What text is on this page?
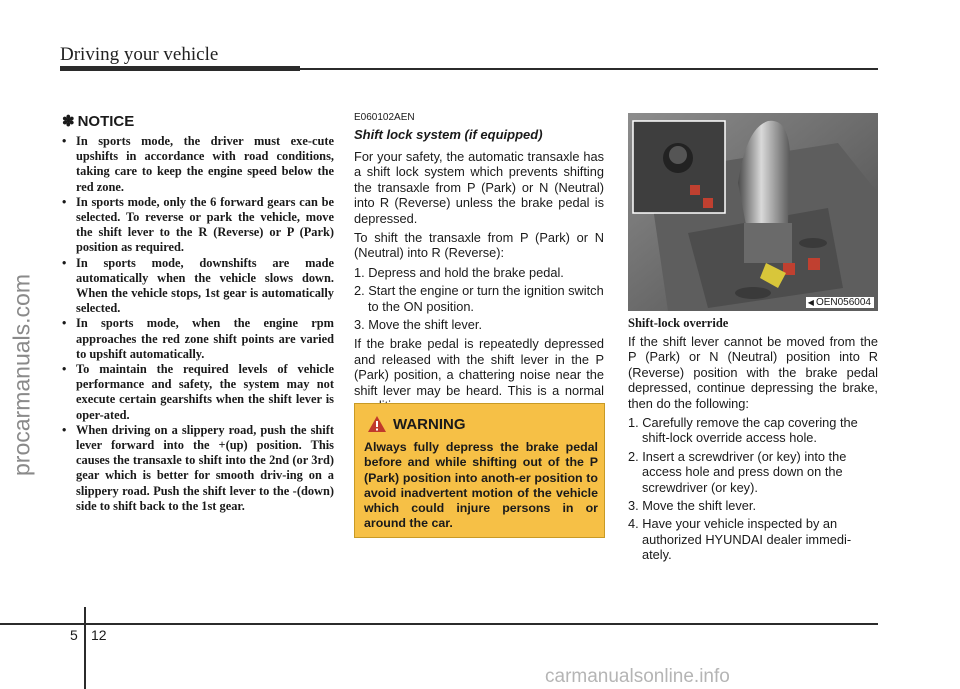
Driving your vehicle
procarmanuals.com
✽ NOTICE
• In sports mode, the driver must exe-cute upshifts in accordance with road conditions, taking care to keep the engine speed below the red zone.
• In sports mode, only the 6 forward gears can be selected. To reverse or park the vehicle, move the shift lever to the R (Reverse) or P (Park) position as required.
• In sports mode, downshifts are made automatically when the vehicle slows down. When the vehicle stops, 1st gear is automatically selected.
• In sports mode, when the engine rpm approaches the red zone shift points are varied to upshift automatically.
• To maintain the required levels of vehicle performance and safety, the system may not execute certain gearshifts when the shift lever is oper-ated.
• When driving on a slippery road, push the shift lever forward into the +(up) position. This causes the transaxle to shift into the 2nd (or 3rd) gear which is better for smooth driv-ing on a slippery road. Push the shift lever to the -(down) side to shift back to the 1st gear.
E060102AEN
Shift lock system (if equipped)

For your safety, the automatic transaxle has a shift lock system which prevents shifting the transaxle from P (Park) or N (Neutral) into R (Reverse) unless the brake pedal is depressed.

To shift the transaxle from P (Park) or N (Neutral) into R (Reverse):

1. Depress and hold the brake pedal.
2. Start the engine or turn the ignition switch to the ON position.
3. Move the shift lever.

If the brake pedal is repeatedly depressed and released with the shift lever in the P (Park) position, a chattering noise near the shift lever may be heard. This is a normal

WARNING
Always fully depress the brake pedal before and while shifting out of the P (Park) position into anoth-er position to avoid inadvertent motion of the vehicle which could injure persons in or around the car.
◀ OEN056004
Shift-lock override

If the shift lever cannot be moved from the P (Park) or N (Neutral) position into R (Reverse) position with the brake pedal depressed, continue depressing the brake, then do the following:

1. Carefully remove the cap covering the shift-lock override access hole.
2. Insert a screwdriver (or key) into the access hole and press down on the screwdriver (or key).
3. Move the shift lever.
4. Have your vehicle inspected by an authorized HYUNDAI dealer immedi-ately.
5 12
carmanualsonline.info
